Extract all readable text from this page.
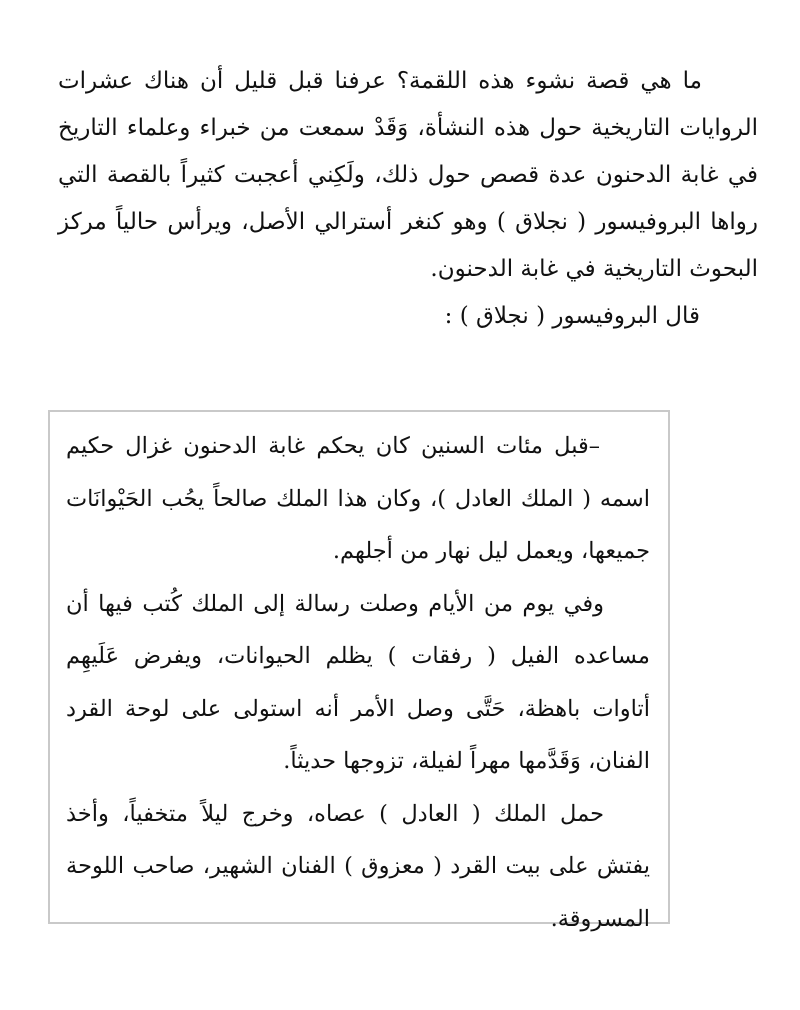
ما هي قصة نشوء هذه اللقمة؟ عرفنا قبل قليل أن هناك عشرات الروايات التاريخية حول هذه النشأة، وَقَدْ سمعت من خبراء وعلماء التاريخ في غابة الدحنون عدة قصص حول ذلك، ولَكِني أعجبت كثيراً بالقصة التي رواها البروفيسور ( نجلاق ) وهو كنغر أسترالي الأصل، ويرأس حالياً مركز البحوث التاريخية في غابة الدحنون.

قال البروفيسور ( نجلاق ) :

–قبل مئات السنين كان يحكم غابة الدحنون غزال حكيم اسمه ( الملك العادل )، وكان هذا الملك صالحاً يحُب الحَيْوانَات جميعها، ويعمل ليل نهار من أجلهم.

وفي يوم من الأيام وصلت رسالة إلى الملك كُتب فيها أن مساعده الفيل ( رفقات ) يظلم الحيوانات، ويفرض عَلَيهِم أتاوات باهظة، حَتَّى وصل الأمر أنه استولى على لوحة القرد الفنان، وَقَدَّمها مهراً لفيلة، تزوجها حديثاً.

حمل الملك ( العادل ) عصاه، وخرج ليلاً متخفياً، وأخذ يفتش على بيت القرد ( معزوق ) الفنان الشهير، صاحب اللوحة المسروقة.
